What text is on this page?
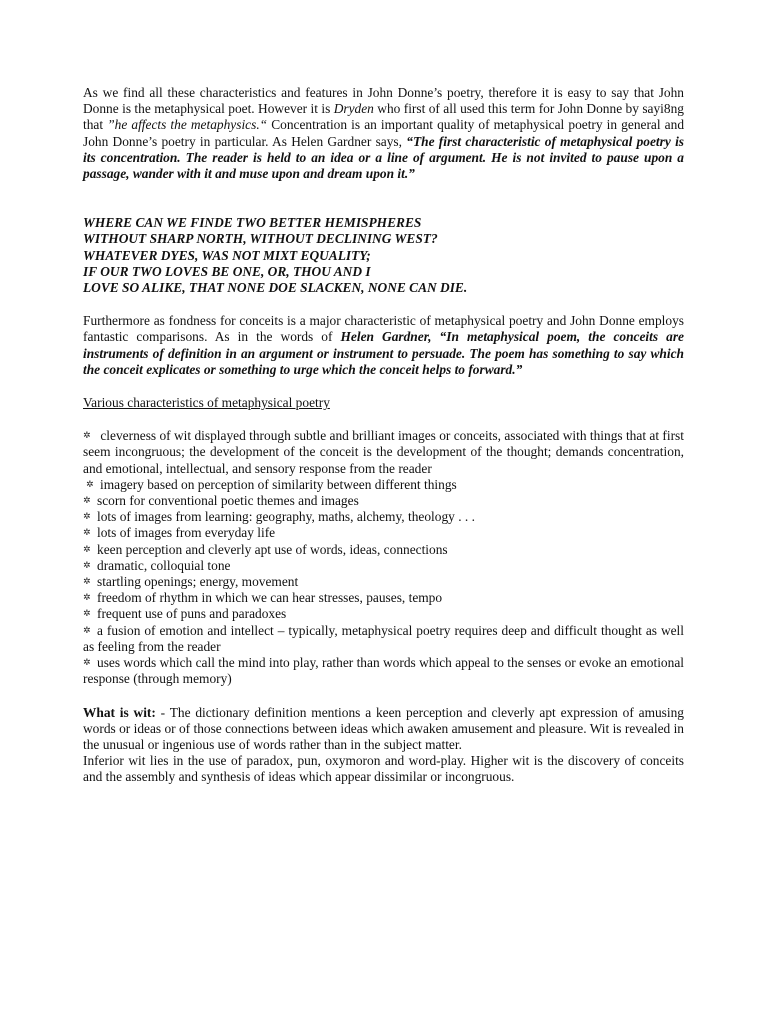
As we find all these characteristics and features in John Donne’s poetry, therefore it is easy to say that John Donne is the metaphysical poet. However it is Dryden who first of all used this term for John Donne by sayi8ng that ”he affects the metaphysics.“ Concentration is an important quality of metaphysical poetry in general and John Donne’s poetry in particular. As Helen Gardner says, “The first characteristic of metaphysical poetry is its concentration. The reader is held to an idea or a line of argument. He is not invited to pause upon a passage, wander with it and muse upon and dream upon it.”

WHERE CAN WE FINDE TWO BETTER HEMISPHERES
WITHOUT SHARP NORTH, WITHOUT DECLINING WEST?
WHATEVER DYES, WAS NOT MIXT EQUALITY;
IF OUR TWO LOVES BE ONE, OR, THOU AND I
LOVE SO ALIKE, THAT NONE DOE SLACKEN, NONE CAN DIE.

Furthermore as fondness for conceits is a major characteristic of metaphysical poetry and John Donne employs fantastic comparisons. As in the words of Helen Gardner, “In metaphysical poem, the conceits are instruments of definition in an argument or instrument to persuade. The poem has something to say which the conceit explicates or something to urge which the conceit helps to forward.”

Various characteristics of metaphysical poetry

✲ cleverness of wit displayed through subtle and brilliant images or conceits, associated with things that at first seem incongruous; the development of the conceit is the development of the thought; demands concentration, and emotional, intellectual, and sensory response from the reader
✲ imagery based on perception of similarity between different things
✲ scorn for conventional poetic themes and images
✲ lots of images from learning: geography, maths, alchemy, theology . . .
✲ lots of images from everyday life
✲ keen perception and cleverly apt use of words, ideas, connections
✲ dramatic, colloquial tone
✲ startling openings; energy, movement
✲ freedom of rhythm in which we can hear stresses, pauses, tempo
✲ frequent use of puns and paradoxes
✲ a fusion of emotion and intellect – typically, metaphysical poetry requires deep and difficult thought as well as feeling from the reader
✲ uses words which call the mind into play, rather than words which appeal to the senses or evoke an emotional response (through memory)

What is wit: - The dictionary definition mentions a keen perception and cleverly apt expression of amusing words or ideas or of those connections between ideas which awaken amusement and pleasure. Wit is revealed in the unusual or ingenious use of words rather than in the subject matter.

Inferior wit lies in the use of paradox, pun, oxymoron and word-play. Higher wit is the discovery of conceits and the assembly and synthesis of ideas which appear dissimilar or incongruous.
